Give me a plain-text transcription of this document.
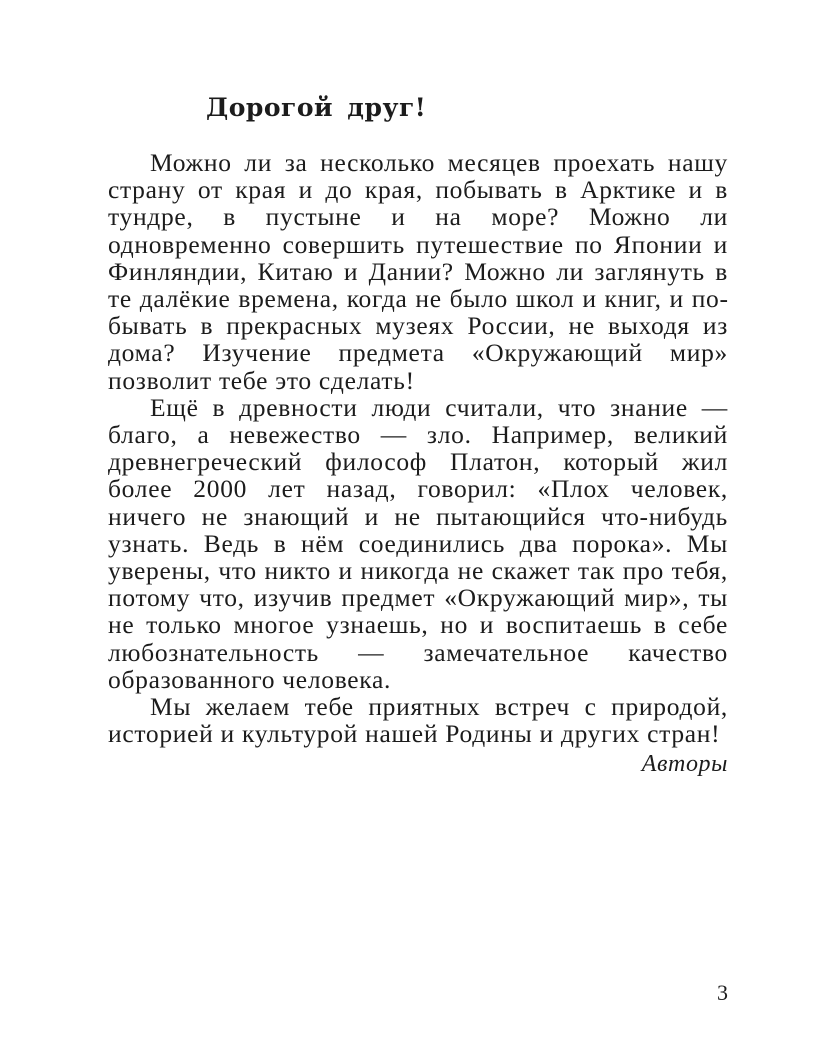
Дорогой друг!

Можно ли за несколько месяцев проехать нашу страну от края и до края, побывать в Арктике и в тундре, в пустыне и на море? Можно ли одновременно совершить путешествие по Японии и Финляндии, Китаю и Дании? Можно ли заглянуть в те далёкие времена, когда не было школ и книг, и побывать в прекрасных музеях России, не выходя из дома? Изучение предмета «Окружающий мир» позволит тебе это сделать!

Ещё в древности люди считали, что знание — благо, а невежество — зло. Например, великий древнегреческий философ Платон, который жил более 2000 лет назад, говорил: «Плох человек, ничего не знающий и не пытающийся что-нибудь узнать. Ведь в нём соединились два порока». Мы уверены, что никто и никогда не скажет так про тебя, потому что, изучив предмет «Окружающий мир», ты не только многое узнаешь, но и воспитаешь в себе любознательность — замечательное качество образованного человека.

Мы желаем тебе приятных встреч с природой, историей и культурой нашей Родины и других стран!

Авторы

3
